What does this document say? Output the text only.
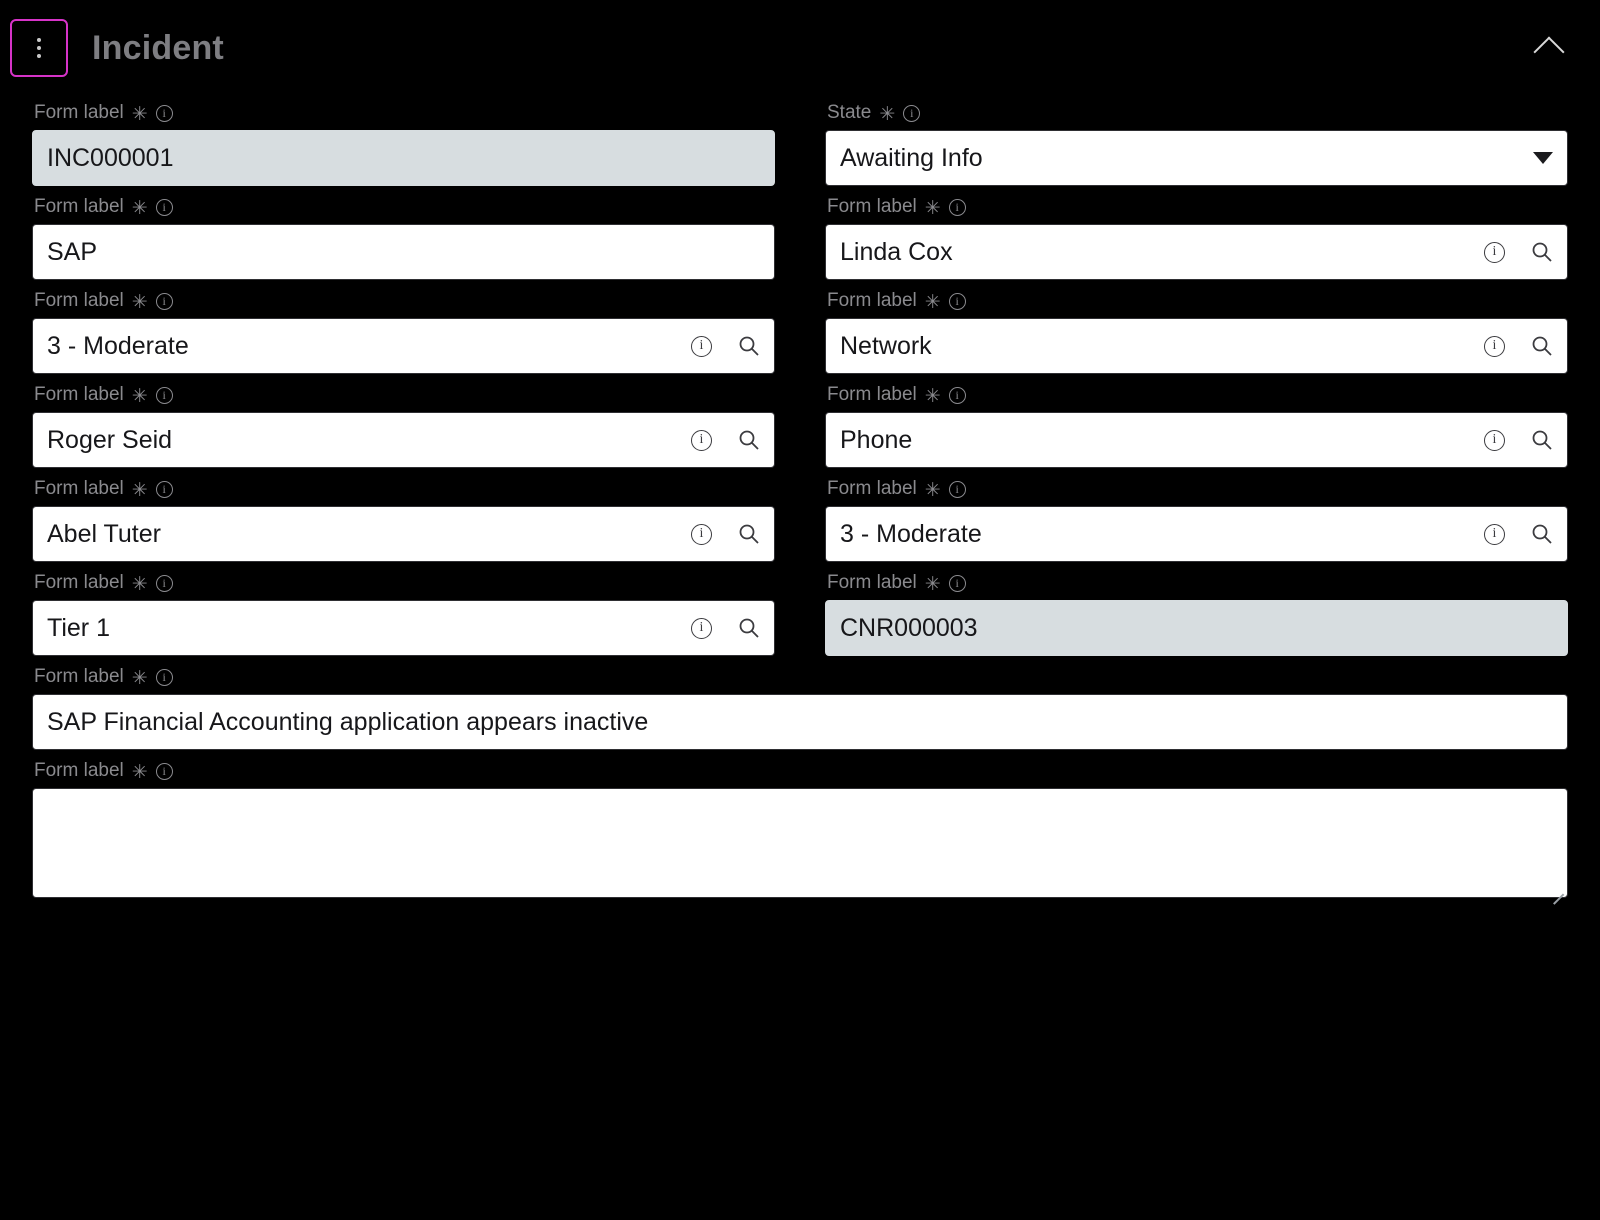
Incident
Form label ✳	i
INC000001
State ✳	i
Awaiting Info
Form label ✳	i
SAP
Form label ✳	i
Linda Cox	i
Form label ✳	i
3 - Moderate	i
Form label ✳	i
Network	i
Form label ✳	i
Roger Seid	i
Form label ✳	i
Phone	i
Form label ✳	i
Abel Tuter	i
Form label ✳	i
3 - Moderate	i
Form label ✳	i
Tier 1	i
Form label ✳	i
CNR000003
Form label ✳	i
SAP Financial Accounting application appears inactive
Form label ✳	i
